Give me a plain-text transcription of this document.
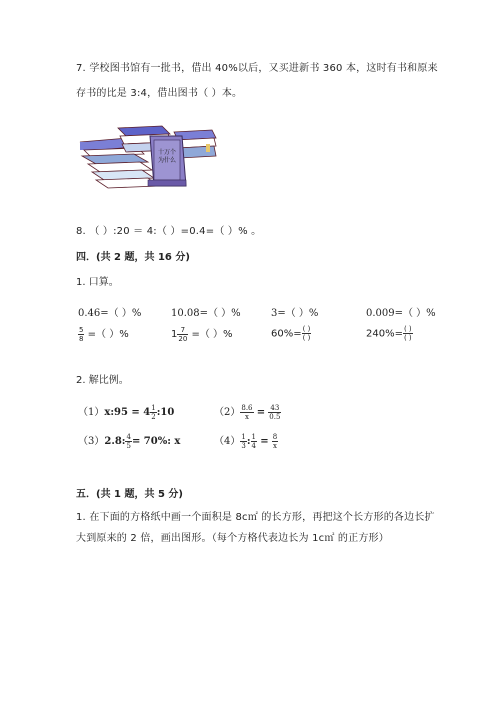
7. 学校图书馆有一批书，借出 40%以后，又买进新书 360 本，这时有书和原来
存书的比是 3:4，借出图书（ ）本。
十万个
为什么
8. （ ）:20 ＝ 4:（ ）=0.4=（ ）% 。
四．(共 2 题，共 16 分)
1. 口算。
0.46=（ ）%	10.08=（ ）%	3=（ ）%	0.009=（ ）%
$\frac{5}{8}$ =（ ）%	$1 \frac{7}{20}$ =（ ）%	$60\%= \frac{( )}{( )}$	$240\%= \frac{( )}{( )}$
2. 解比例。
（1）x:95 = $4 \frac{1}{2}$ :10	$(2) \frac{8.6}{x} = \frac{43}{0.5}$
（3）2.8: $\frac{4}{5} = 70\%$: x	$(4) \frac{1}{3}$ : $\frac{1}{4} = \frac{8}{x}$
五．(共 1 题，共 5 分)
1. 在下面的方格纸中画一个面积是 8c㎡ 的长方形，再把这个长方形的各边长扩
大到原来的 2 倍，画出图形。（每个方格代表边长为 1c㎡ 的正方形）
